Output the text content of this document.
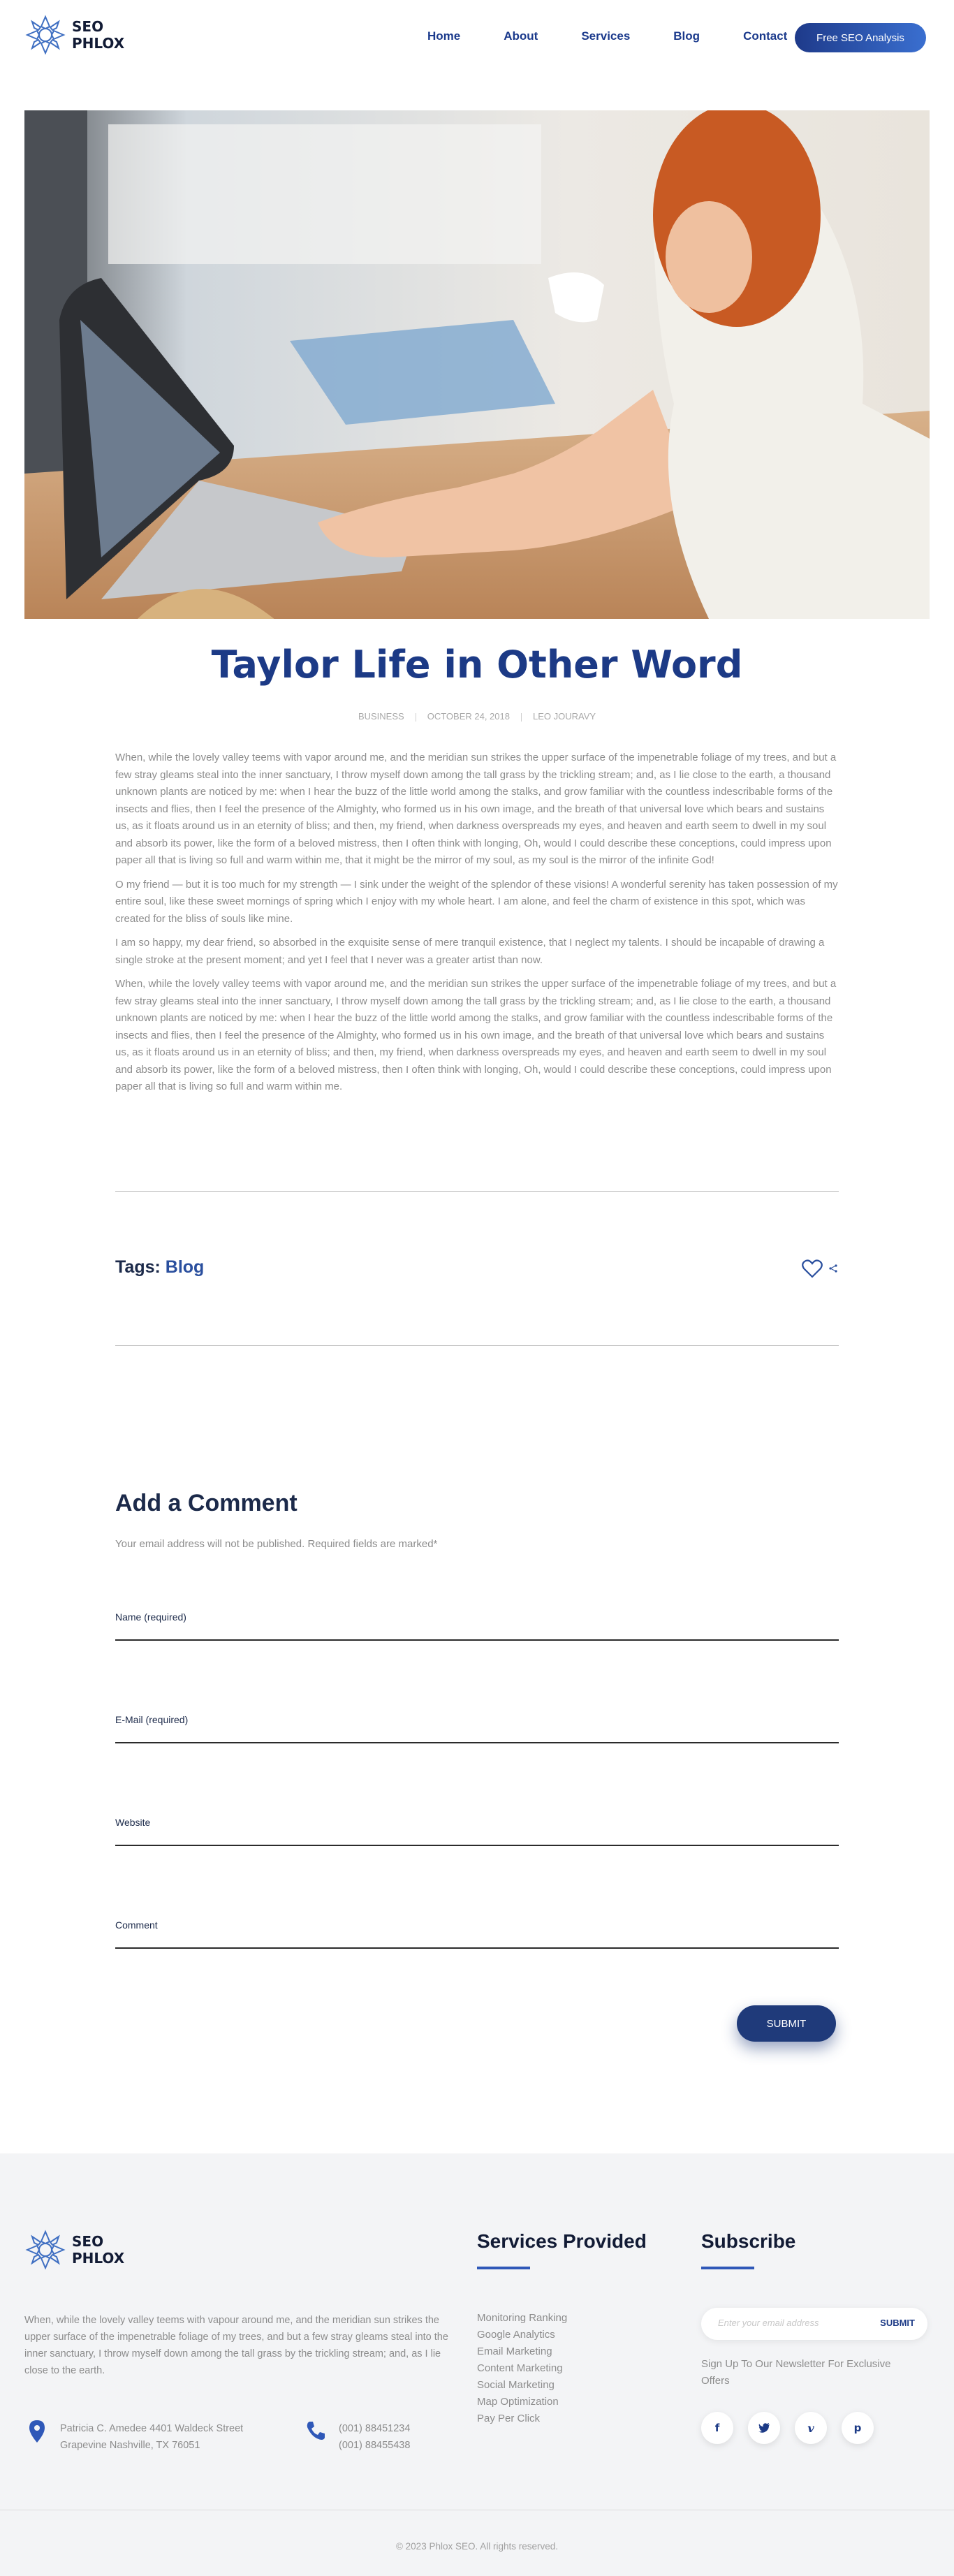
SEO
PHLOX	Home	About	Services	Blog	Contact	Free SEO Analysis
Taylor Life in Other Word
BUSINESS	OCTOBER 24, 2018	LEO JOURAVY

When, while the lovely valley teems with vapor around me, and the meridian sun strikes the upper surface of the impenetrable foliage of my trees, and but a few stray gleams steal into the inner sanctuary, I throw myself down among the tall grass by the trickling stream; and, as I lie close to the earth, a thousand unknown plants are noticed by me: when I hear the buzz of the little world among the stalks, and grow familiar with the countless indescribable forms of the insects and flies, then I feel the presence of the Almighty, who formed us in his own image, and the breath of that universal love which bears and sustains us, as it floats around us in an eternity of bliss; and then, my friend, when darkness overspreads my eyes, and heaven and earth seem to dwell in my soul and absorb its power, like the form of a beloved mistress, then I often think with longing, Oh, would I could describe these conceptions, could impress upon paper all that is living so full and warm within me, that it might be the mirror of my soul, as my soul is the mirror of the infinite God!

O my friend — but it is too much for my strength — I sink under the weight of the splendor of these visions! A wonderful serenity has taken possession of my entire soul, like these sweet mornings of spring which I enjoy with my whole heart. I am alone, and feel the charm of existence in this spot, which was created for the bliss of souls like mine.

I am so happy, my dear friend, so absorbed in the exquisite sense of mere tranquil existence, that I neglect my talents. I should be incapable of drawing a single stroke at the present moment; and yet I feel that I never was a greater artist than now.

When, while the lovely valley teems with vapor around me, and the meridian sun strikes the upper surface of the impenetrable foliage of my trees, and but a few stray gleams steal into the inner sanctuary, I throw myself down among the tall grass by the trickling stream; and, as I lie close to the earth, a thousand unknown plants are noticed by me: when I hear the buzz of the little world among the stalks, and grow familiar with the countless indescribable forms of the insects and flies, then I feel the presence of the Almighty, who formed us in his own image, and the breath of that universal love which bears and sustains us, as it floats around us in an eternity of bliss; and then, my friend, when darkness overspreads my eyes, and heaven and earth seem to dwell in my soul and absorb its power, like the form of a beloved mistress, then I often think with longing, Oh, would I could describe these conceptions, could impress upon paper all that is living so full and warm within me.

Tags: Blog
Add a Comment
Your email address will not be published. Required fields are marked*
Name (required)
E-Mail (required)
Website
Comment
SUBMIT
SEO
PHLOX

When, while the lovely valley teems with vapour around me, and the meridian sun strikes the upper surface of the impenetrable foliage of my trees, and but a few stray gleams steal into the inner sanctuary, I throw myself down among the tall grass by the trickling stream; and, as I lie close to the earth.

Patricia C. Amedee 4401 Waldeck Street
Grapevine Nashville, TX 76051
(001) 88451234
(001) 88455438
Services Provided
Monitoring Ranking
Google Analytics
Email Marketing
Content Marketing
Social Marketing
Map Optimization
Pay Per Click
Subscribe
Enter your email address	SUBMIT

Sign Up To Our Newsletter For Exclusive Offers

f	v	p
© 2023 Phlox SEO. All rights reserved.
